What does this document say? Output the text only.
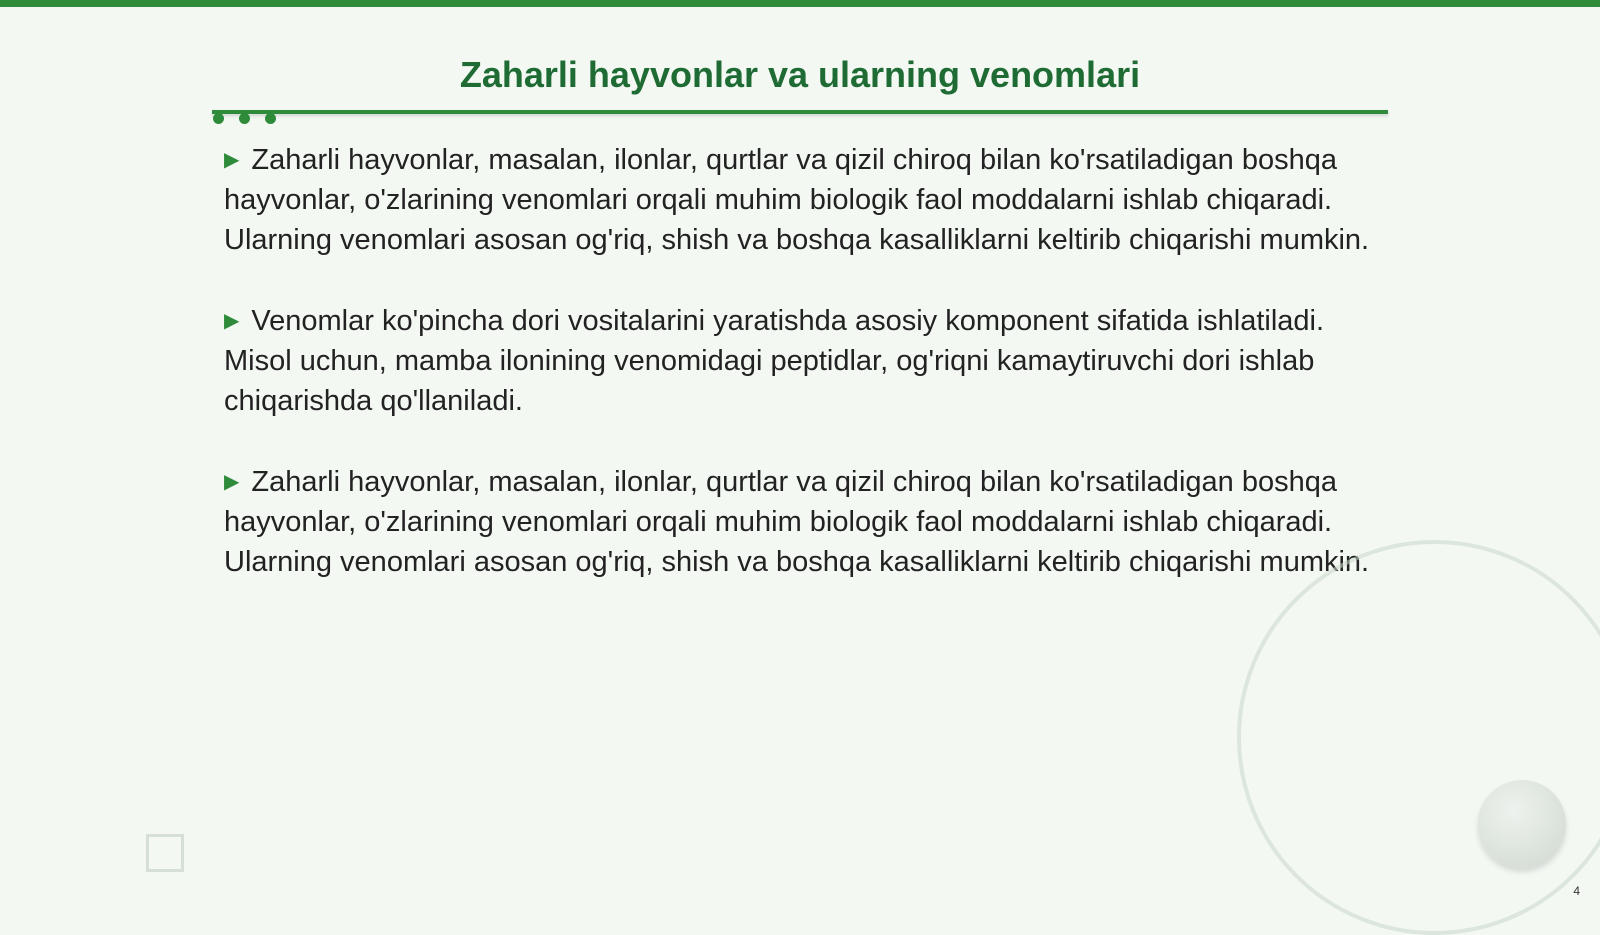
Zaharli hayvonlar va ularning venomlari

▶ Zaharli hayvonlar, masalan, ilonlar, qurtlar va qizil chiroq bilan ko'rsatiladigan boshqa hayvonlar, o'zlarining venomlari orqali muhim biologik faol moddalarni ishlab chiqaradi. Ularning venomlari asosan og'riq, shish va boshqa kasalliklarni keltirib chiqarishi mumkin.

▶ Venomlar ko'pincha dori vositalarini yaratishda asosiy komponent sifatida ishlatiladi. Misol uchun, mamba ilonining venomidagi peptidlar, og'riqni kamaytiruvchi dori ishlab chiqarishda qo'llaniladi.

▶ Zaharli hayvonlar, masalan, ilonlar, qurtlar va qizil chiroq bilan ko'rsatiladigan boshqa hayvonlar, o'zlarining venomlari orqali muhim biologik faol moddalarni ishlab chiqaradi. Ularning venomlari asosan og'riq, shish va boshqa kasalliklarni keltirib chiqarishi mumkin.

4
